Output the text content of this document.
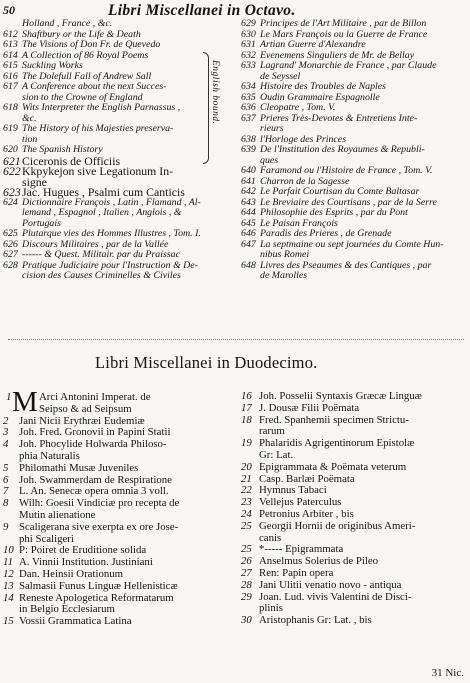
50	Libri Miscellanei in Octavo.
Holland , France , &c.
612 Shaftbury or the Life & Death
613 The Visions of Don Fr. de Quevedo
614 A Collection of 86 Royal Poems
615 Suckling Works
616 The Dolefull Fall of Andrew Sall
617 A Conference about the next Succes-
sion to the Crowne of England
618 Wits Interpreter the English Parnassus ,
&c.
619 The History of his Majesties preserva-
tion
620 The Spanish History
621 Ciceronis de Officiis
622 Kkpykejon sive Legationum In-
signe
623 Jac. Hugues , Psalmi cum Canticis
624 Dictionnaire François , Latin , Flamand , Al-
lemand , Espagnol , Italien , Anglois , &
Portugais
625 Plutarque vies des Hommes Illustres , Tom. I.
626 Discours Militaires , par de la Vallée
627 ------ & Quest. Militair. par du Praissac
628 Pratique Judiciaire pour l'Instruction & De-
cision des Causes Criminelles & Civiles
629 Principes de l'Art Militaire , par de Billon
630 Le Mars François ou la Guerre de France
631 Artian Guerre d'Alexandre
632 Evenemens Singuliers de Mr. de Bellay
633 Lagrand' Monarchie de France , par Claude
de Seyssel
634 Histoire des Troubles de Naples
635 Oudin Grammaire Espagnolle
636 Cleopatre , Tom. V.
637 Prieres Très-Devotes & Entretiens Inte-
rieurs
638 l'Horloge des Princes
639 De l'Institution des Royaumes & Republi-
ques
640 Faramond ou l'Histoire de France , Tom. V.
641 Charron de la Sagesse
642 Le Parfait Courtisan du Comte Baltasar
643 Le Breviaire des Courtisans , par de la Serre
644 Philosophie des Esprits , par du Pont
645 Le Paisan François
646 Paradis des Prieres , de Grenade
647 La septmaine ou sept journées du Comte Hun-
nibus Romei
648 Livres des Pseaumes & des Cantiques , par
de Marolles
English bound.
Libri Miscellanei in Duodecimo.
1	Arci Antonini Imperat. de
Seipso & ad Seipsum
2 Jani Nicii Erythræi Eudemiæ
3 Joh. Fred. Gronovii in Papini Statii
4 Joh. Phocylide Holwarda Philoso-
phia Naturalis
5 Philomathi Musæ Juveniles
6 Joh. Swammerdam de Respiratione
7 L. An. Senecæ opera omnia 3 voll.
8 Wilh: Goesii Vindiciæ pro recepta de
Mutin alienatione
9 Scaligerana sive exerpta ex ore Jose-
phi Scaligeri
10 P: Poiret de Eruditione solida
11 A. Vinnii Institution. Justiniani
12 Dan. Heinsii Orationum
13 Salmasii Funus Linguæ Hellenisticæ
14 Reneste Apologetica Reformatarum
in Belgio Ecclesiarum
15 Vossii Grammatica Latina
16 Joh. Posselii Syntaxis Græcæ Linguæ
17 J. Dousæ Filii Poëmata
18 Fred. Spanhemii specimen Strictu-
rarum
19 Phalaridis Agrigentinorum Epistolæ
Gr: Lat.
20 Epigrammata & Poëmata veterum
21 Casp. Barlæi Poëmata
22 Hymnus Tabaci
23 Vellejus Paterculus
24 Petronius Arbiter , bis
25 Georgii Hornii de originibus Ameri-
canis
25 *----- Epigrammata
26 Anselmus Solerius de Pileo
27 Ren: Papin opera
28 Jani Ulitii venatio novo - antiqua
29 Joan. Lud. vivis Valentini de Disci-
plinis
30 Aristophanis Gr: Lat. , bis
31 Nic.
M
